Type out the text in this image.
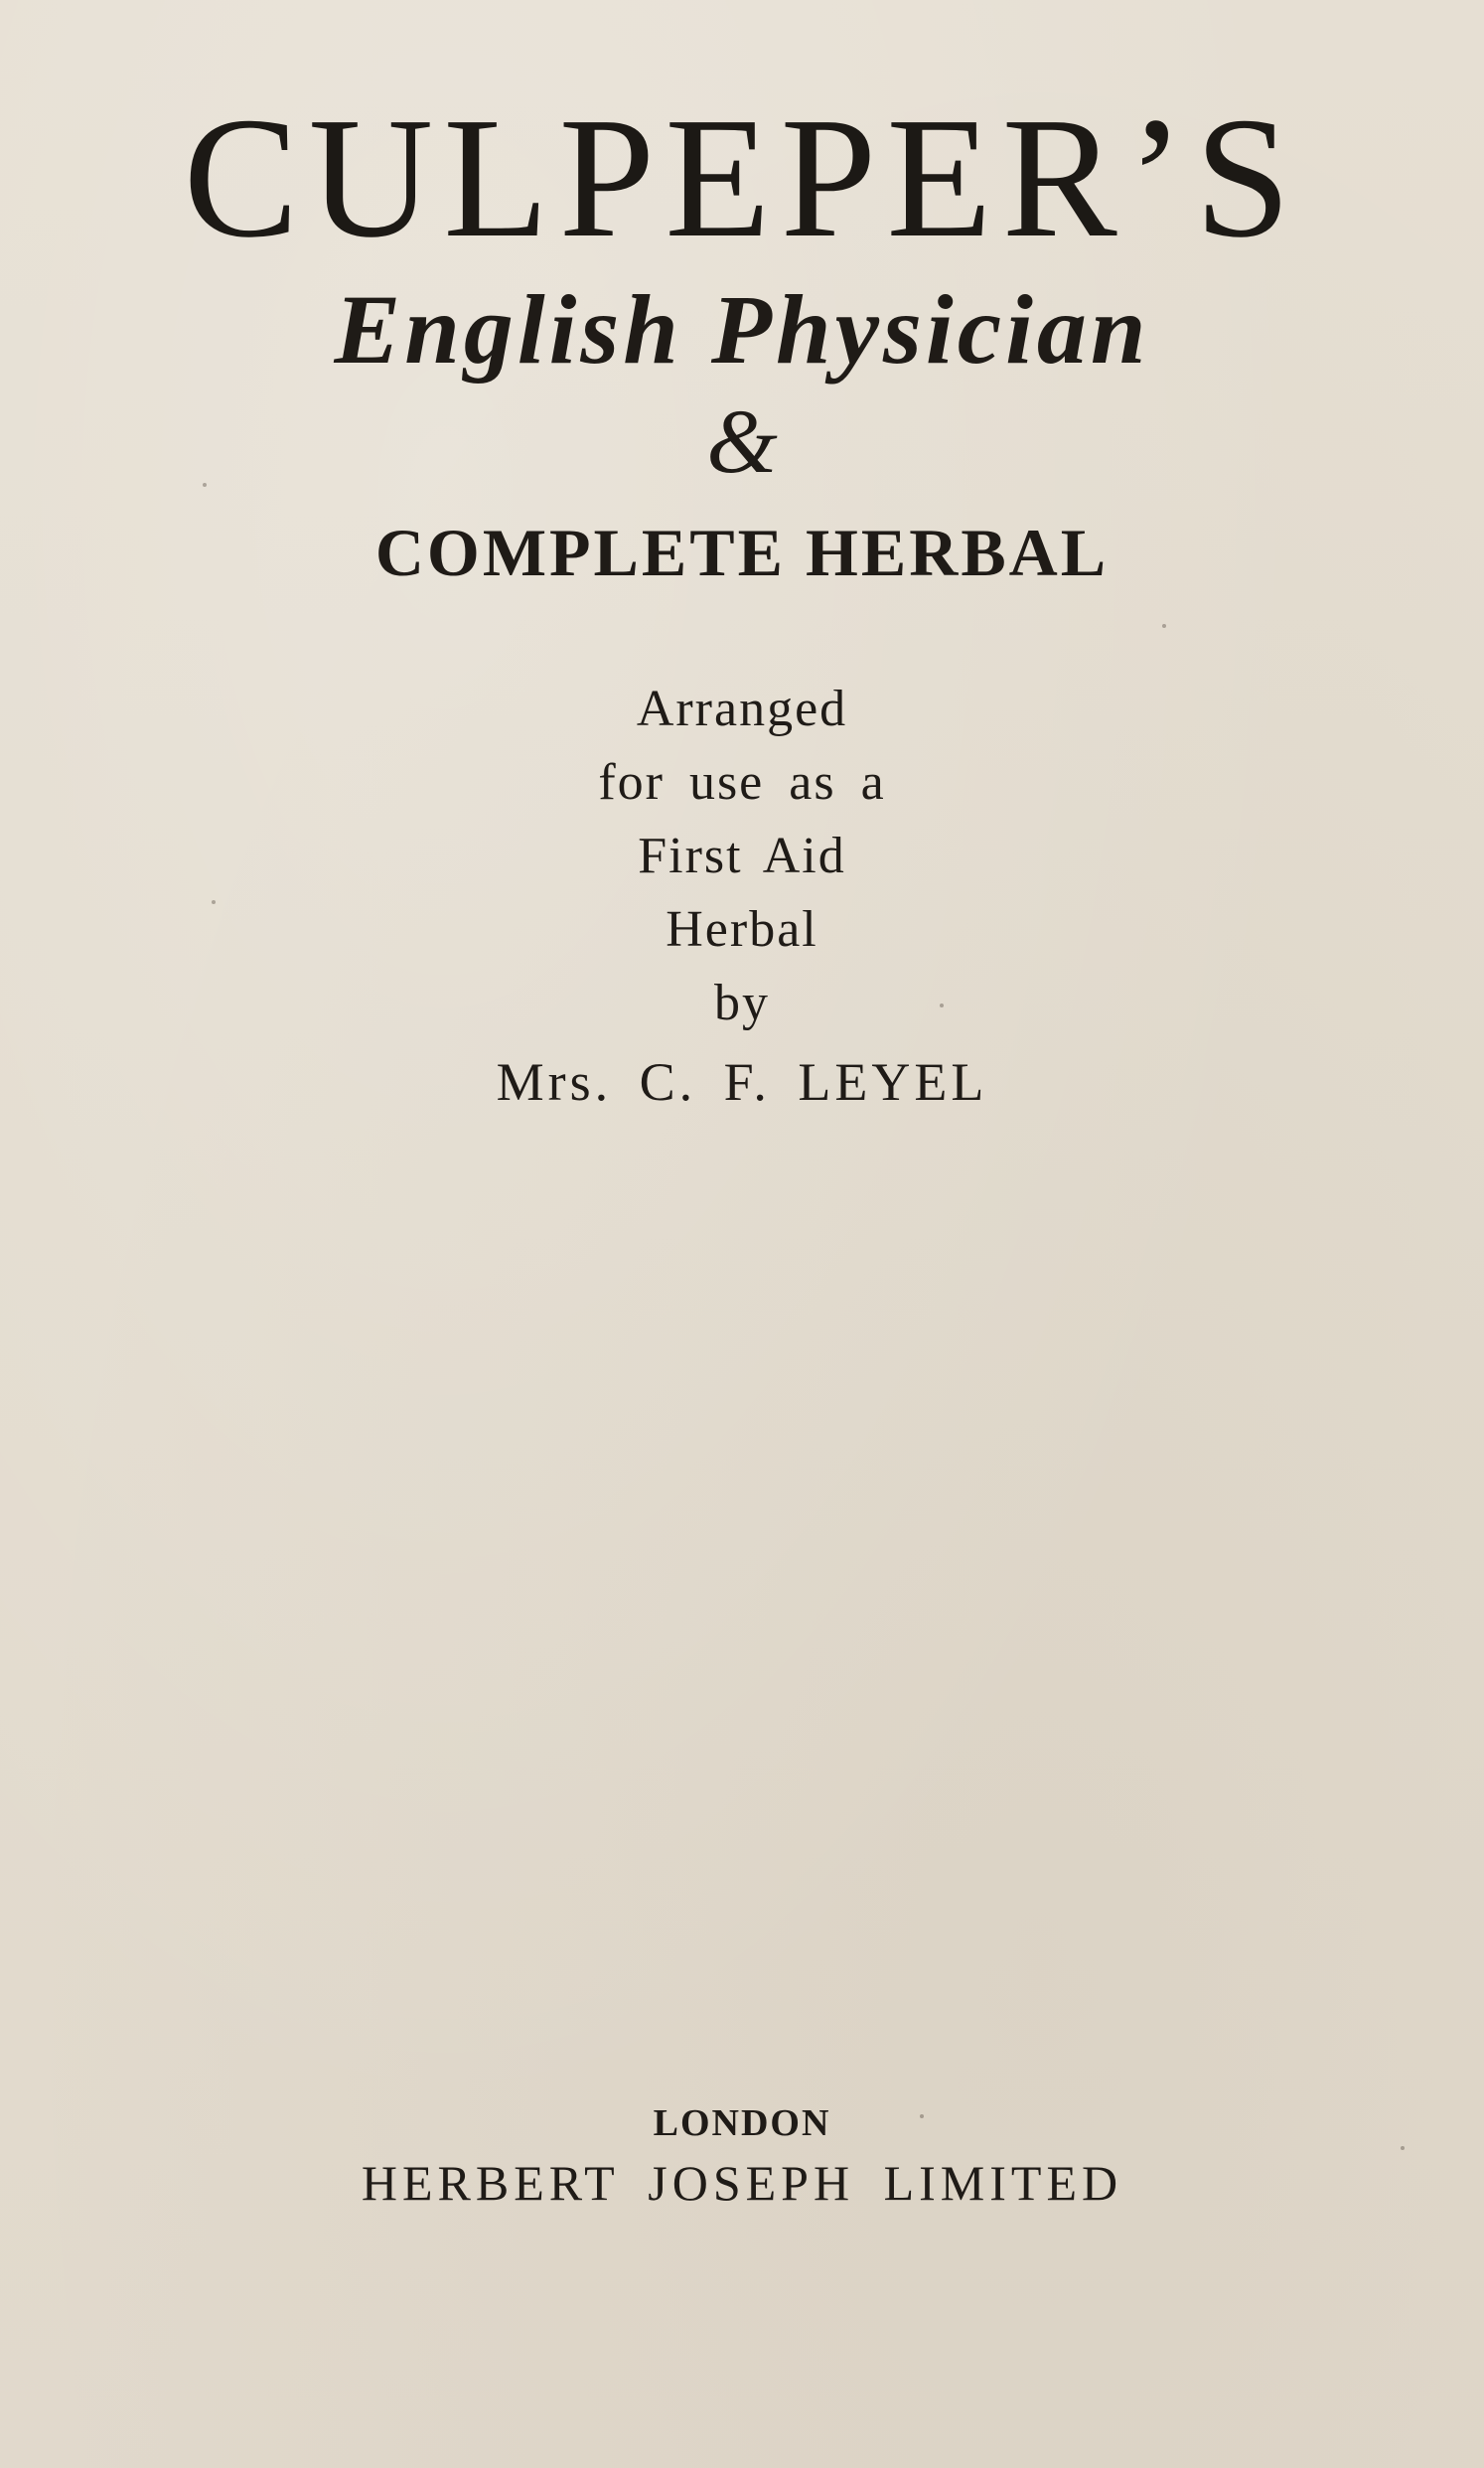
CULPEPER’S
English Physician
&
COMPLETE HERBAL

Arranged

for use as a

First Aid

Herbal

by

Mrs. C. F. LEYEL

LONDON

HERBERT JOSEPH LIMITED
